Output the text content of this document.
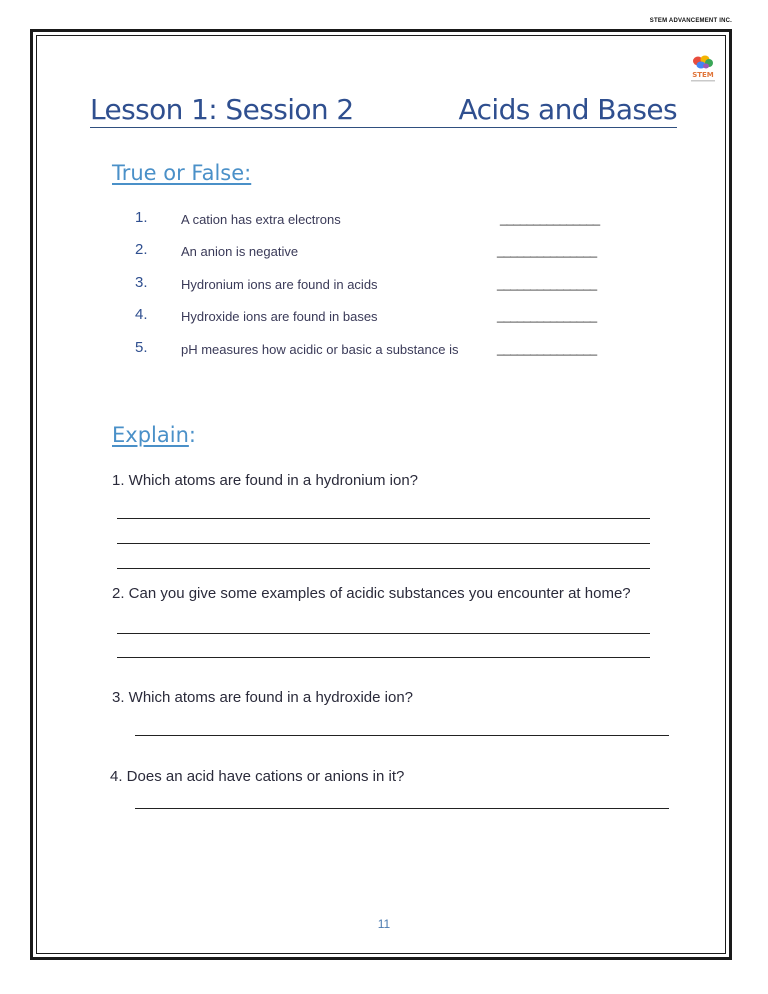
STEM ADVANCEMENT INC.
STEM
Lesson 1: Session 2	Acids and Bases
True or False:
1.	A cation has extra electrons	_______________
2.	An anion is negative	_______________
3.	Hydronium ions are found in acids	_______________
4.	Hydroxide ions are found in bases	_______________
5.	pH measures how acidic or basic a substance is	_______________
Explain:
1. Which atoms are found in a hydronium ion?
2. Can you give some examples of acidic substances you encounter at home?
3. Which atoms are found in a hydroxide ion?
4. Does an acid have cations or anions in it?
11
